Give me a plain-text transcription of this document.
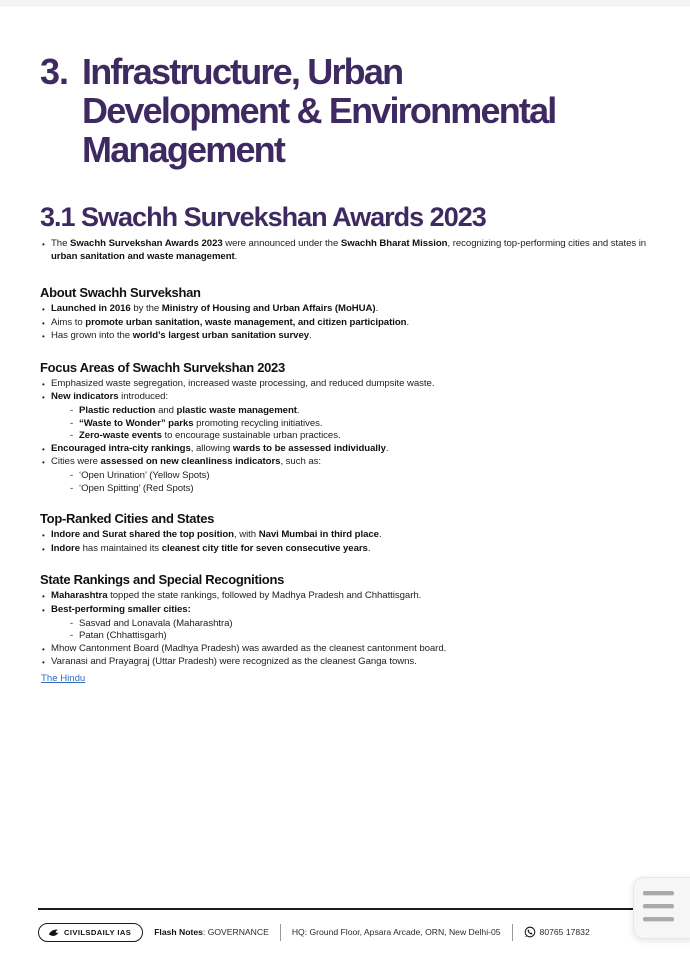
3. Infrastructure, Urban
Development & Environmental
Management
3.1 Swachh Survekshan Awards 2023
• The Swachh Survekshan Awards 2023 were announced under the Swachh Bharat Mission, recognizing top-performing cities and states in urban sanitation and waste management.
About Swachh Survekshan
• Launched in 2016 by the Ministry of Housing and Urban Affairs (MoHUA).
• Aims to promote urban sanitation, waste management, and citizen participation.
• Has grown into the world’s largest urban sanitation survey.
Focus Areas of Swachh Survekshan 2023
• Emphasized waste segregation, increased waste processing, and reduced dumpsite waste.
• New indicators introduced:
- Plastic reduction and plastic waste management.
- “Waste to Wonder” parks promoting recycling initiatives.
- Zero-waste events to encourage sustainable urban practices.
• Encouraged intra-city rankings, allowing wards to be assessed individually.
• Cities were assessed on new cleanliness indicators, such as:
- ‘Open Urination’ (Yellow Spots)
- ‘Open Spitting’ (Red Spots)
Top-Ranked Cities and States
• Indore and Surat shared the top position, with Navi Mumbai in third place.
• Indore has maintained its cleanest city title for seven consecutive years.
State Rankings and Special Recognitions
• Maharashtra topped the state rankings, followed by Madhya Pradesh and Chhattisgarh.
• Best-performing smaller cities:
- Sasvad and Lonavala (Maharashtra)
- Patan (Chhattisgarh)
• Mhow Cantonment Board (Madhya Pradesh) was awarded as the cleanest cantonment board.
• Varanasi and Prayagraj (Uttar Pradesh) were recognized as the cleanest Ganga towns.
The Hindu
CIVILSDAILY IAS	Flash Notes: GOVERNANCE	HQ: Ground Floor, Apsara Arcade, ORN, New Delhi-05	80765 17832
